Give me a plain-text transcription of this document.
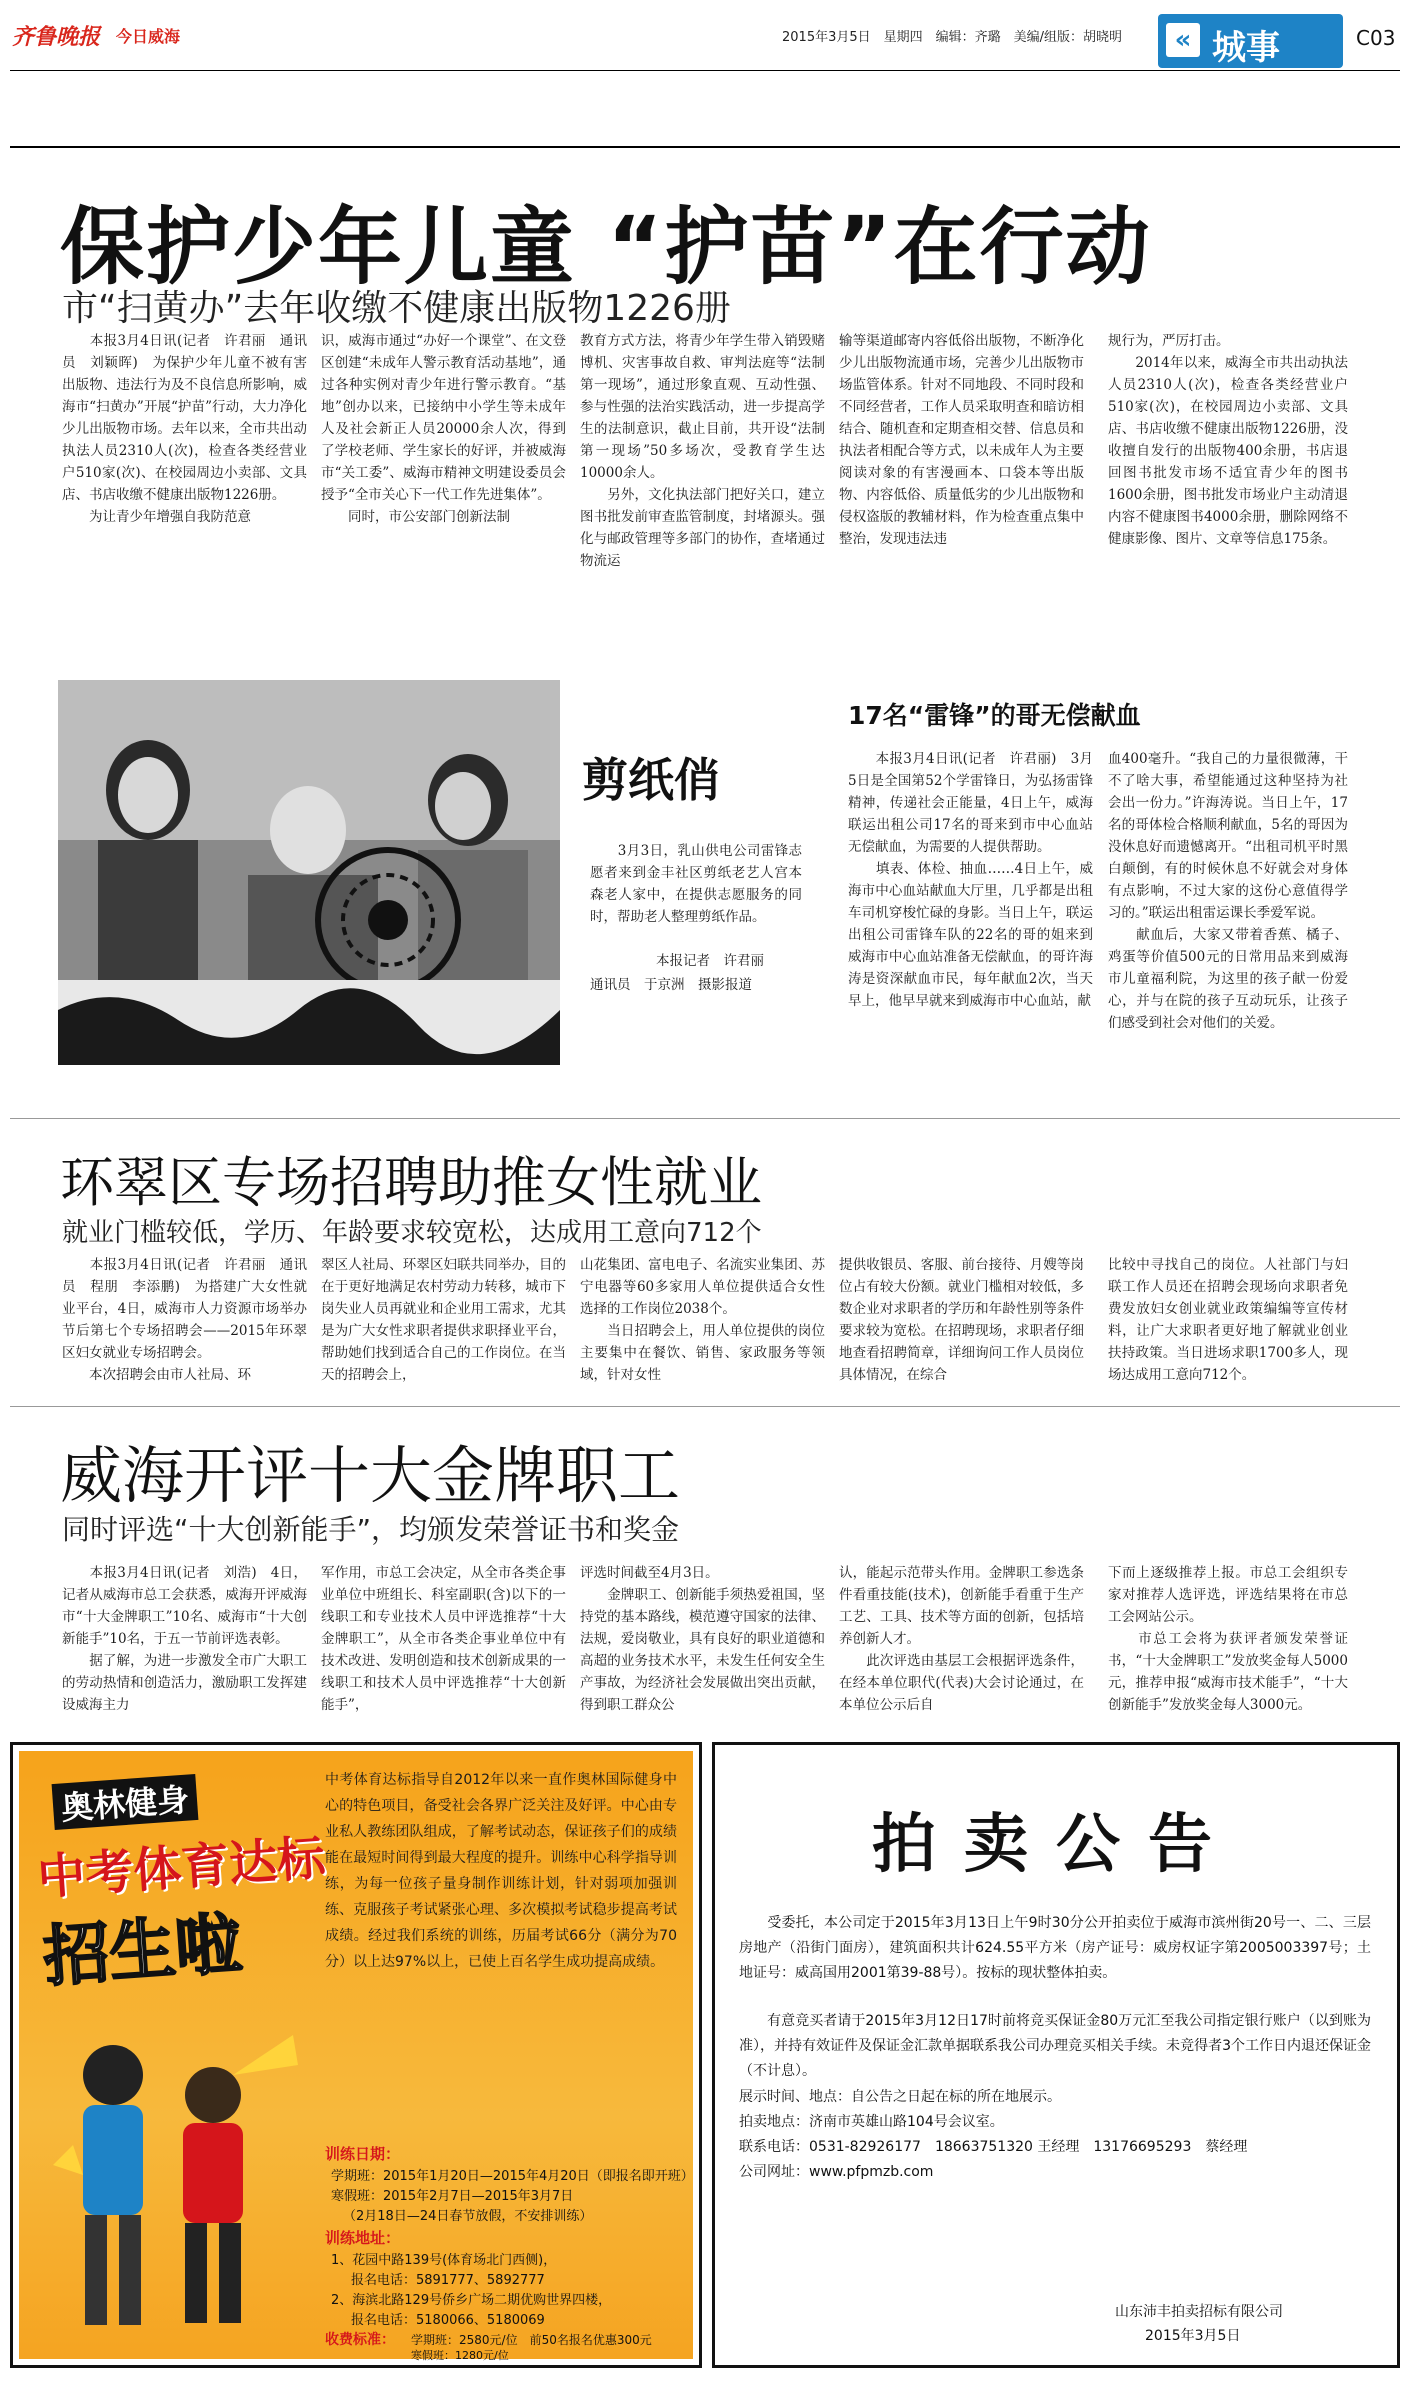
齐鲁晚报 今日威海	2015年3月5日　星期四　编辑：齐璐　美编/组版：胡晓明	« 城事	C03
保护少年儿童 “护苗”在行动
市“扫黄办”去年收缴不健康出版物1226册
　　本报3月4日讯(记者　许君丽　通讯员　刘颖晖)　为保护少年儿童不被有害出版物、违法行为及不良信息所影响，威海市“扫黄办”开展“护苗”行动，大力净化少儿出版物市场。去年以来，全市共出动执法人员2310人(次)，检查各类经营业户510家(次)、在校园周边小卖部、文具店、书店收缴不健康出版物1226册。
　　为让青少年增强自我防范意
识，威海市通过“办好一个课堂”、在文登区创建“未成年人警示教育活动基地”，通过各种实例对青少年进行警示教育。“基地”创办以来，已接纳中小学生等未成年人及社会新正人员20000余人次，得到了学校老师、学生家长的好评，并被威海市“关工委”、威海市精神文明建设委员会授予“全市关心下一代工作先进集体”。
　　同时，市公安部门创新法制
教育方式方法，将青少年学生带入销毁赌博机、灾害事故自救、审判法庭等“法制第一现场”，通过形象直观、互动性强、参与性强的法治实践活动，进一步提高学生的法制意识，截止目前，共开设“法制第一现场”50多场次，受教育学生达10000余人。
　　另外，文化执法部门把好关口，建立图书批发前审查监管制度，封堵源头。强化与邮政管理等多部门的协作，查堵通过物流运
输等渠道邮寄内容低俗出版物，不断净化少儿出版物流通市场，完善少儿出版物市场监管体系。针对不同地段、不同时段和不同经营者，工作人员采取明查和暗访相结合、随机查和定期查相交替、信息员和执法者相配合等方式，以未成年人为主要阅读对象的有害漫画本、口袋本等出版物、内容低俗、质量低劣的少儿出版物和侵权盗版的教辅材料，作为检查重点集中整治，发现违法违
规行为，严厉打击。
　　2014年以来，威海全市共出动执法人员2310人(次)，检查各类经营业户510家(次)，在校园周边小卖部、文具店、书店收缴不健康出版物1226册，没收擅自发行的出版物400余册，书店退回图书批发市场不适宜青少年的图书1600余册，图书批发市场业户主动清退内容不健康图书4000余册，删除网络不健康影像、图片、文章等信息175条。
剪纸俏
　　3月3日，乳山供电公司雷锋志愿者来到金丰社区剪纸老艺人宫本森老人家中，在提供志愿服务的同时，帮助老人整理剪纸作品。
本报记者　许君丽
通讯员　于京洲　摄影报道
17名“雷锋”的哥无偿献血
　　本报3月4日讯(记者　许君丽)　3月5日是全国第52个学雷锋日，为弘扬雷锋精神，传递社会正能量，4日上午，威海联运出租公司17名的哥来到市中心血站无偿献血，为需要的人提供帮助。
　　填表、体检、抽血……4日上午，威海市中心血站献血大厅里，几乎都是出租车司机穿梭忙碌的身影。当日上午，联运出租公司雷锋车队的22名的哥的姐来到威海市中心血站准备无偿献血，的哥许海涛是资深献血市民，每年献血2次，当天早上，他早早就来到威海市中心血站，献
血400毫升。“我自己的力量很微薄，干不了啥大事，希望能通过这种坚持为社会出一份力。”许海涛说。当日上午，17名的哥体检合格顺利献血，5名的哥因为没休息好而遗憾离开。“出租司机平时黑白颠倒，有的时候休息不好就会对身体有点影响，不过大家的这份心意值得学习的。”联运出租雷运课长季爱军说。
　　献血后，大家又带着香蕉、橘子、鸡蛋等价值500元的日常用品来到威海市儿童福利院，为这里的孩子献一份爱心，并与在院的孩子互动玩乐，让孩子们感受到社会对他们的关爱。
环翠区专场招聘助推女性就业
就业门槛较低，学历、年龄要求较宽松，达成用工意向712个
　　本报3月4日讯(记者　许君丽　通讯员　程朋　李添鹏)　为搭建广大女性就业平台，4日，威海市人力资源市场举办节后第七个专场招聘会——2015年环翠区妇女就业专场招聘会。
　　本次招聘会由市人社局、环
翠区人社局、环翠区妇联共同举办，目的在于更好地满足农村劳动力转移，城市下岗失业人员再就业和企业用工需求，尤其是为广大女性求职者提供求职择业平台，帮助她们找到适合自己的工作岗位。在当天的招聘会上，
山花集团、富电电子、名流实业集团、苏宁电器等60多家用人单位提供适合女性选择的工作岗位2038个。
　　当日招聘会上，用人单位提供的岗位主要集中在餐饮、销售、家政服务等领域，针对女性
提供收银员、客服、前台接待、月嫂等岗位占有较大份额。就业门槛相对较低，多数企业对求职者的学历和年龄性别等条件要求较为宽松。在招聘现场，求职者仔细地查看招聘简章，详细询问工作人员岗位具体情况，在综合
比较中寻找自己的岗位。人社部门与妇联工作人员还在招聘会现场向求职者免费发放妇女创业就业政策编编等宣传材料，让广大求职者更好地了解就业创业扶持政策。当日进场求职1700多人，现场达成用工意向712个。
威海开评十大金牌职工
同时评选“十大创新能手”，均颁发荣誉证书和奖金
　　本报3月4日讯(记者　刘浩)　4日，记者从威海市总工会获悉，威海开评威海市“十大金牌职工”10名、威海市“十大创新能手”10名，于五一节前评选表彰。
　　据了解，为进一步激发全市广大职工的劳动热情和创造活力，激励职工发挥建设威海主力
军作用，市总工会决定，从全市各类企事业单位中班组长、科室副职(含)以下的一线职工和专业技术人员中评选推荐“十大金牌职工”，从全市各类企事业单位中有技术改进、发明创造和技术创新成果的一线职工和技术人员中评选推荐“十大创新能手”，
评选时间截至4月3日。
　　金牌职工、创新能手须热爱祖国，坚持党的基本路线，模范遵守国家的法律、法规，爱岗敬业，具有良好的职业道德和高超的业务技术水平，未发生任何安全生产事故，为经济社会发展做出突出贡献，得到职工群众公
认，能起示范带头作用。金牌职工参选条件看重技能(技术)，创新能手看重于生产工艺、工具、技术等方面的创新，包括培养创新人才。
　　此次评选由基层工会根据评选条件，在经本单位职代(代表)大会讨论通过，在本单位公示后自
下而上逐级推荐上报。市总工会组织专家对推荐人选评选，评选结果将在市总工会网站公示。
　　市总工会将为获评者颁发荣誉证书，“十大金牌职工”发放奖金每人5000元，推荐申报“威海市技术能手”，“十大创新能手”发放奖金每人3000元。
奥林健身
中考体育达标
招生啦
中考体育达标指导自2012年以来一直作奥林国际健身中心的特色项目，备受社会各界广泛关注及好评。中心由专业私人教练团队组成，了解考试动态，保证孩子们的成绩能在最短时间得到最大程度的提升。训练中心科学指导训练，为每一位孩子量身制作训练计划，针对弱项加强训练、克服孩子考试紧张心理、多次模拟考试稳步提高考试成绩。经过我们系统的训练，历届考试66分（满分为70分）以上达97%以上，已使上百名学生成功提高成绩。
训练日期：
学期班：2015年1月20日—2015年4月20日（即报名即开班）
寒假班：2015年2月7日—2015年3月7日
（2月18日—24日春节放假，不安排训练）
训练地址：
1、花园中路139号(体育场北门西侧)，
报名电话：5891777、5892777
2、海滨北路129号侨乡广场二期优购世界四楼，
报名电话：5180066、5180069
收费标准： 学期班：2580元/位　前50名报名优惠300元
寒假班：1280元/位
拍卖公告
　　受委托，本公司定于2015年3月13日上午9时30分公开拍卖位于威海市滨州街20号一、二、三层房地产（沿街门面房），建筑面积共计624.55平方米（房产证号：威房权证字第2005003397号；土地证号：威高国用2001第39-88号）。按标的现状整体拍卖。
　　有意竞买者请于2015年3月12日17时前将竞买保证金80万元汇至我公司指定银行账户（以到账为准），并持有效证件及保证金汇款单据联系我公司办理竞买相关手续。未竞得者3个工作日内退还保证金（不计息）。
展示时间、地点：自公告之日起在标的所在地展示。
拍卖地点：济南市英雄山路104号会议室。
联系电话：0531-82926177　18663751320 王经理　13176695293　蔡经理
公司网址：www.pfpmzb.com
山东沛丰拍卖招标有限公司
2015年3月5日
